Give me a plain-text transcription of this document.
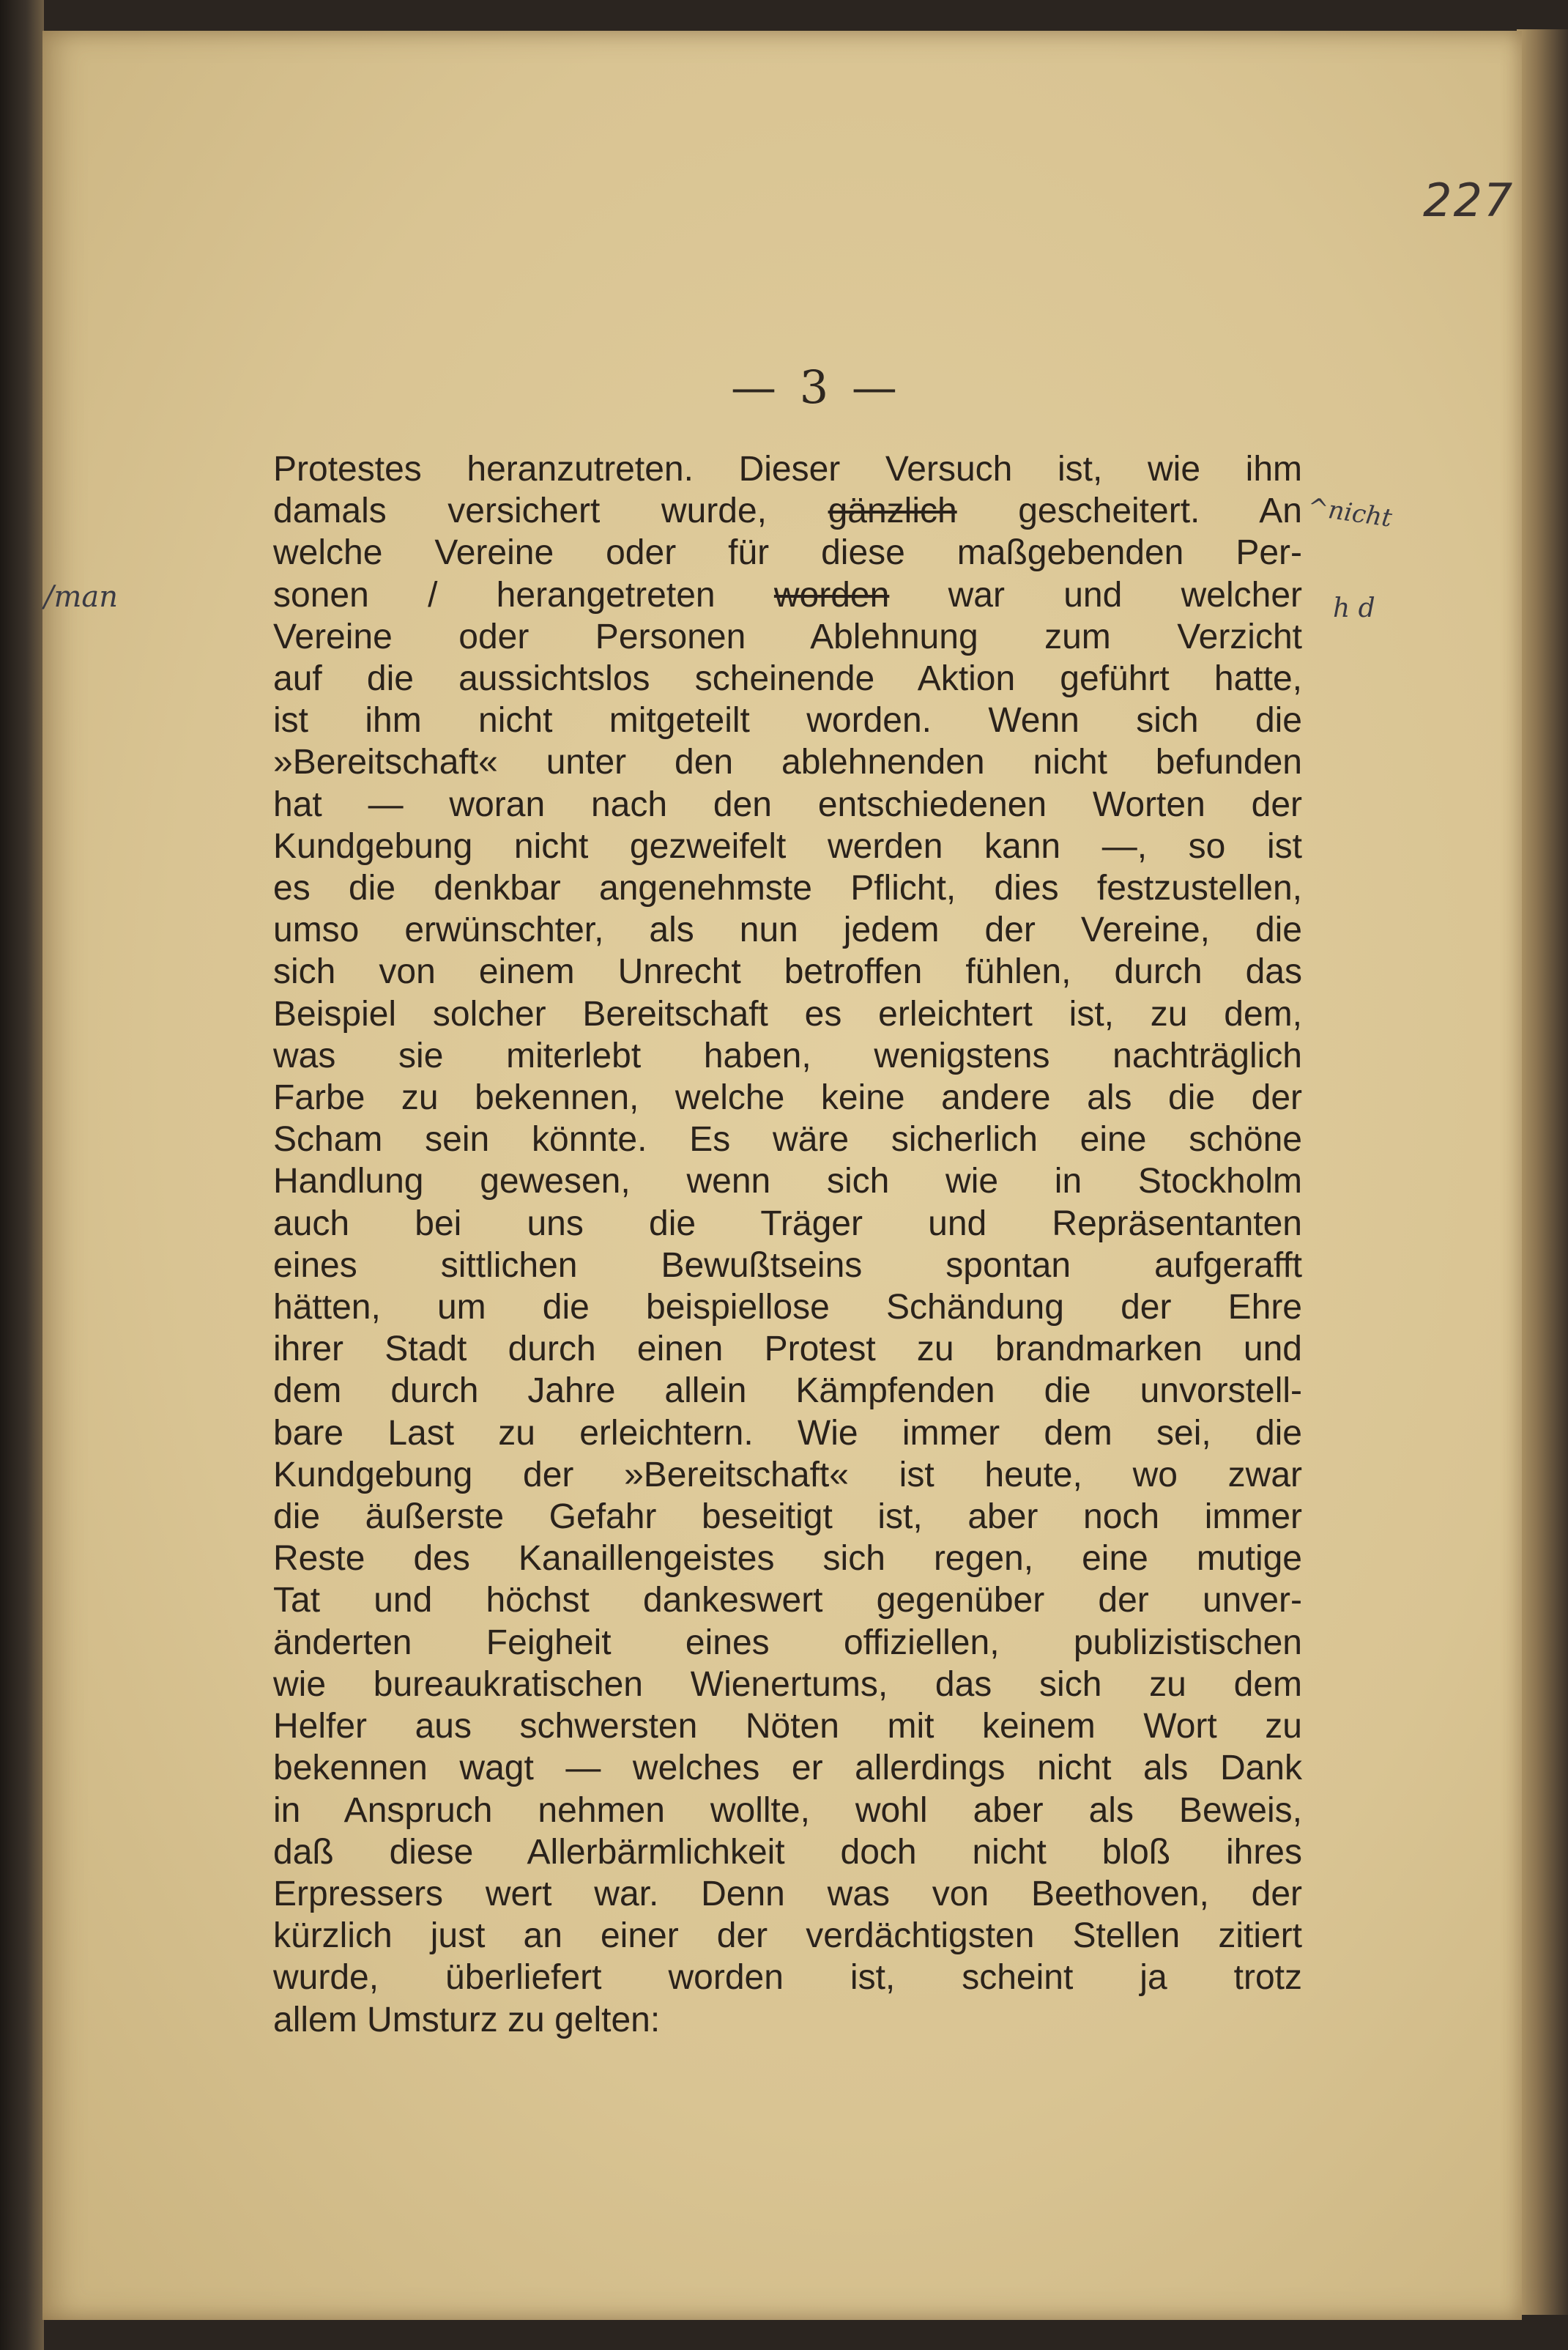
227
— 3 —
/man
^nicht
h d
Protestes heranzutreten. Dieser Versuch ist, wie ihm
damals versichert wurde, gänzlich gescheitert. An
welche Vereine oder für diese maßgebenden Per-
sonen / herangetreten worden war und welcher
Vereine oder Personen Ablehnung zum Verzicht
auf die aussichtslos scheinende Aktion geführt hatte,
ist ihm nicht mitgeteilt worden. Wenn sich die
»Bereitschaft« unter den ablehnenden nicht befunden
hat — woran nach den entschiedenen Worten der
Kundgebung nicht gezweifelt werden kann —, so ist
es die denkbar angenehmste Pflicht, dies festzustellen,
umso erwünschter, als nun jedem der Vereine, die
sich von einem Unrecht betroffen fühlen, durch das
Beispiel solcher Bereitschaft es erleichtert ist, zu dem,
was sie miterlebt haben, wenigstens nachträglich
Farbe zu bekennen, welche keine andere als die der
Scham sein könnte. Es wäre sicherlich eine schöne
Handlung gewesen, wenn sich wie in Stockholm
auch bei uns die Träger und Repräsentanten
eines sittlichen Bewußtseins spontan aufgerafft
hätten, um die beispiellose Schändung der Ehre
ihrer Stadt durch einen Protest zu brandmarken und
dem durch Jahre allein Kämpfenden die unvorstell-
bare Last zu erleichtern. Wie immer dem sei, die
Kundgebung der »Bereitschaft« ist heute, wo zwar
die äußerste Gefahr beseitigt ist, aber noch immer
Reste des Kanaillengeistes sich regen, eine mutige
Tat und höchst dankeswert gegenüber der unver-
änderten Feigheit eines offiziellen, publizistischen
wie bureaukratischen Wienertums, das sich zu dem
Helfer aus schwersten Nöten mit keinem Wort zu
bekennen wagt — welches er allerdings nicht als Dank
in Anspruch nehmen wollte, wohl aber als Beweis,
daß diese Allerbärmlichkeit doch nicht bloß ihres
Erpressers wert war. Denn was von Beethoven, der
kürzlich just an einer der verdächtigsten Stellen zitiert
wurde, überliefert worden ist, scheint ja trotz
allem Umsturz zu gelten:
